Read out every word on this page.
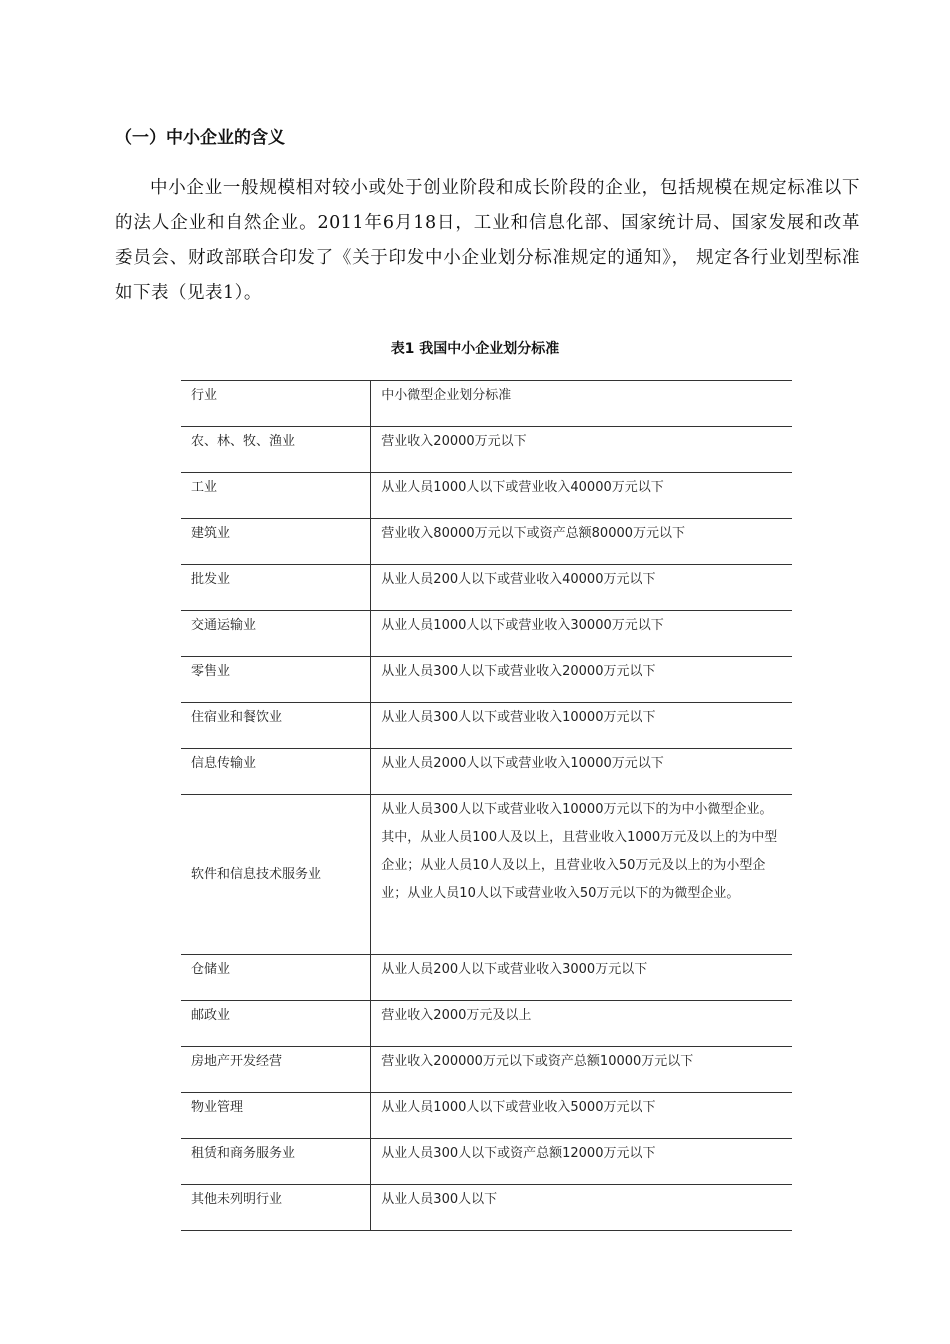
（一）中小企业的含义

中小企业一般规模相对较小或处于创业阶段和成长阶段的企业，包括规模在规定标准以下的法人企业和自然企业。2011年6月18日，工业和信息化部、国家统计局、国家发展和改革委员会、财政部联合印发了《关于印发中小企业划分标准规定的通知》， 规定各行业划型标准如下表（见表1）。

表1 我国中小企业划分标准
行业	中小微型企业划分标准
农、林、牧、渔业	营业收入20000万元以下
工业	从业人员1000人以下或营业收入40000万元以下
建筑业	营业收入80000万元以下或资产总额80000万元以下
批发业	从业人员200人以下或营业收入40000万元以下
交通运输业	从业人员1000人以下或营业收入30000万元以下
零售业	从业人员300人以下或营业收入20000万元以下
住宿业和餐饮业	从业人员300人以下或营业收入10000万元以下
信息传输业	从业人员2000人以下或营业收入10000万元以下
软件和信息技术服务业	从业人员300人以下或营业收入10000万元以下的为中小微型企业。其中，从业人员100人及以上，且营业收入1000万元及以上的为中型企业；从业人员10人及以上，且营业收入50万元及以上的为小型企业；从业人员10人以下或营业收入50万元以下的为微型企业。
仓储业	从业人员200人以下或营业收入3000万元以下
邮政业	营业收入2000万元及以上
房地产开发经营	营业收入200000万元以下或资产总额10000万元以下
物业管理	从业人员1000人以下或营业收入5000万元以下
租赁和商务服务业	从业人员300人以下或资产总额12000万元以下
其他未列明行业	从业人员300人以下
